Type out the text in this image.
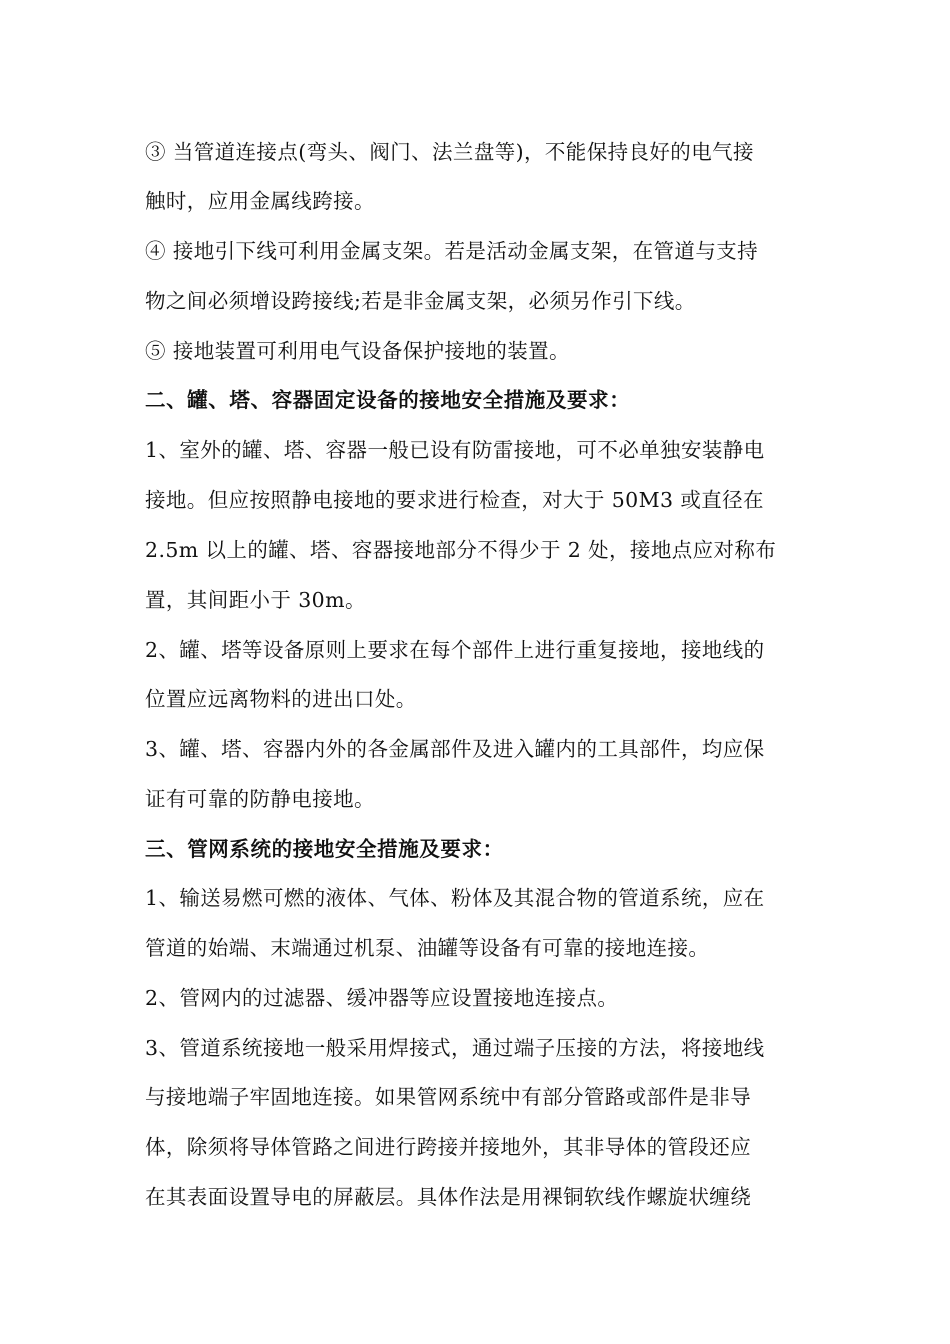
③ 当管道连接点(弯头、阀门、法兰盘等)，不能保持良好的电气接
触时，应用金属线跨接。
④ 接地引下线可利用金属支架。若是活动金属支架，在管道与支持
物之间必须增设跨接线;若是非金属支架，必须另作引下线。
⑤ 接地装置可利用电气设备保护接地的装置。
二、罐、塔、容器固定设备的接地安全措施及要求：
1、室外的罐、塔、容器一般已设有防雷接地，可不必单独安装静电
接地。但应按照静电接地的要求进行检查，对大于 50M3 或直径在
2.5m 以上的罐、塔、容器接地部分不得少于 2 处，接地点应对称布
置，其间距小于 30m。
2、罐、塔等设备原则上要求在每个部件上进行重复接地，接地线的
位置应远离物料的进出口处。
3、罐、塔、容器内外的各金属部件及进入罐内的工具部件，均应保
证有可靠的防静电接地。
三、管网系统的接地安全措施及要求：
1、输送易燃可燃的液体、气体、粉体及其混合物的管道系统，应在
管道的始端、末端通过机泵、油罐等设备有可靠的接地连接。
2、管网内的过滤器、缓冲器等应设置接地连接点。
3、管道系统接地一般采用焊接式，通过端子压接的方法，将接地线
与接地端子牢固地连接。如果管网系统中有部分管路或部件是非导
体，除须将导体管路之间进行跨接并接地外，其非导体的管段还应
在其表面设置导电的屏蔽层。具体作法是用裸铜软线作螺旋状缠绕
